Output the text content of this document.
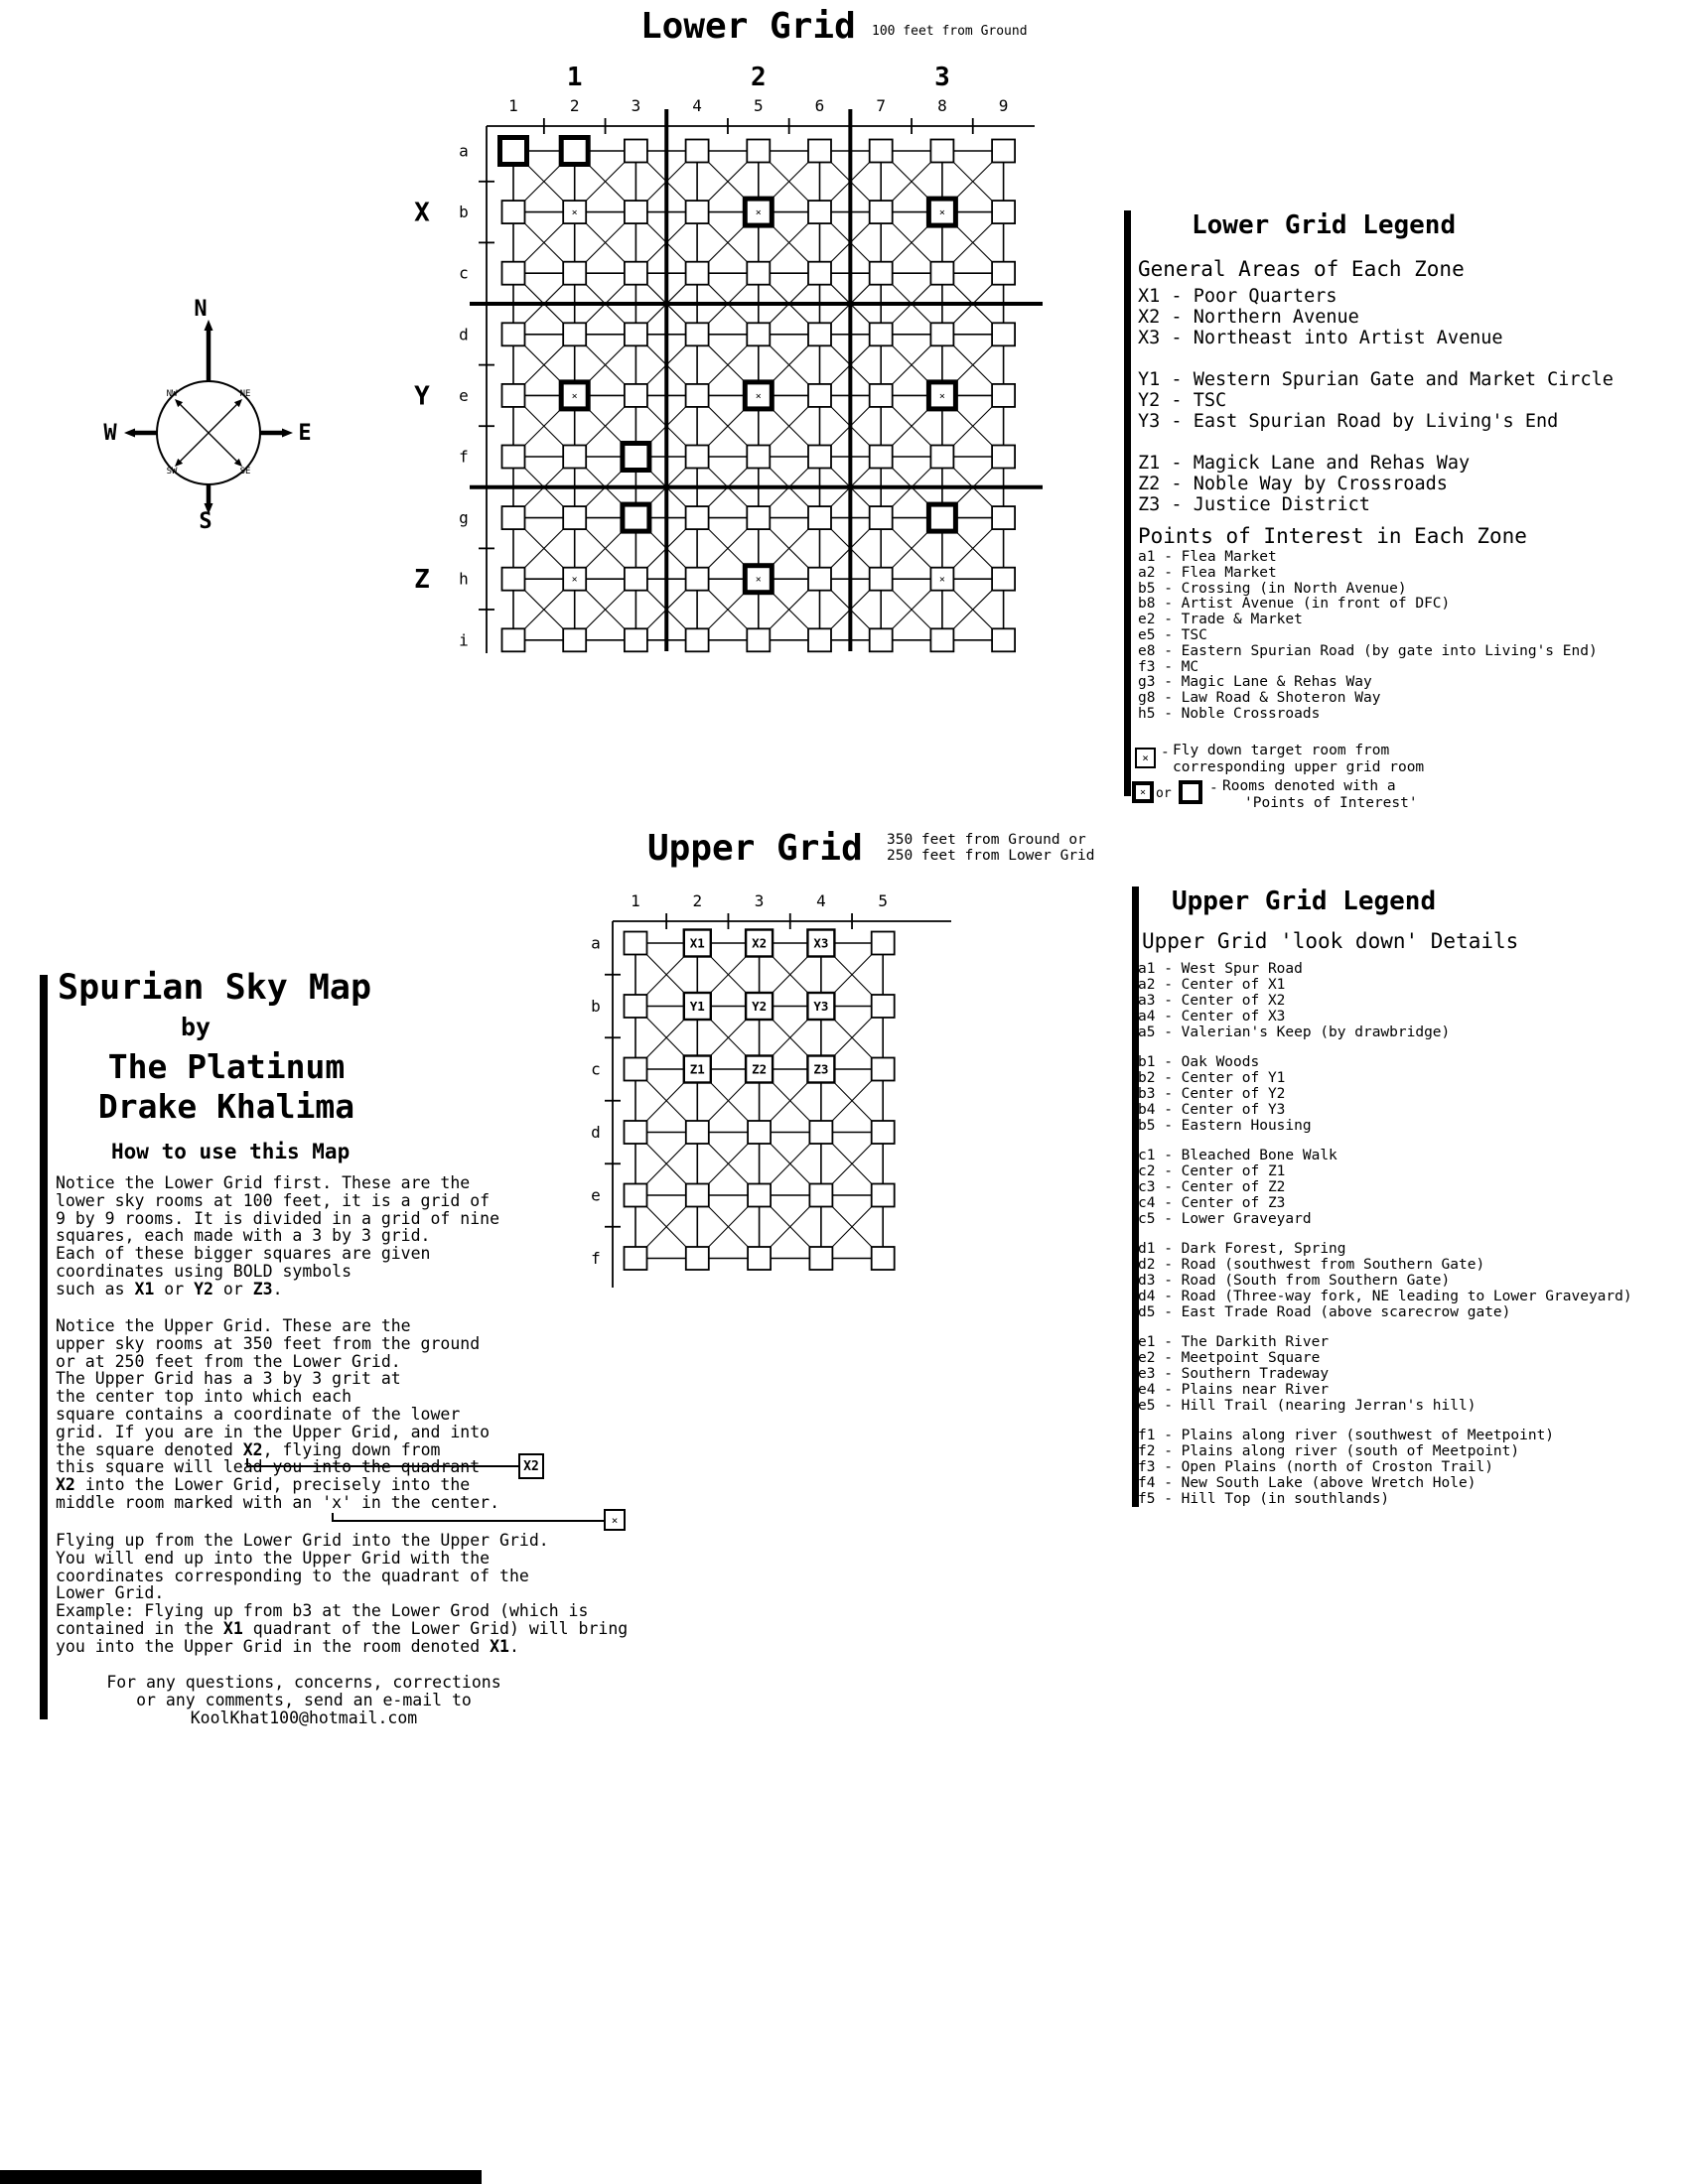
Lower Grid 100 feet from Ground
×	×	×
×	×	×
×	×	×
1	2	3	4	5	6	7	8	9
a
b
c
d
e
f
g
h
i
1	2	3
X
Y
Z
N
S
W	E
NW	NE
SW	SE
Lower Grid Legend
General Areas of Each Zone
X1 - Poor Quarters
X2 - Northern Avenue
X3 - Northeast into Artist Avenue
Y1 - Western Spurian Gate and Market Circle
Y2 - TSC
Y3 - East Spurian Road by Living's End
Z1 - Magick Lane and Rehas Way
Z2 - Noble Way by Crossroads
Z3 - Justice District
Points of Interest in Each Zone
a1 - Flea Market
a2 - Flea Market
b5 - Crossing (in North Avenue)
b8 - Artist Avenue (in front of DFC)
e2 - Trade & Market
e5 - TSC
e8 - Eastern Spurian Road (by gate into Living's End)
f3 - MC
g3 - Magic Lane & Rehas Way
g8 - Law Road & Shoteron Way
h5 - Noble Crossroads
× - Fly down target room from
corresponding upper grid room
× or	- Rooms denoted with a
'Points of Interest'
Upper Grid 350 feet from Ground or
250 feet from Lower Grid
X1	X2	X3
Y1	Y2	Y3
Z1	Z2	Z3
1	2	3	4	5
a
b
c
d
e
f
Upper Grid Legend
Upper Grid 'look down' Details
a1 - West Spur Road
a2 - Center of X1
a3 - Center of X2
a4 - Center of X3
a5 - Valerian's Keep (by drawbridge)
b1 - Oak Woods
b2 - Center of Y1
b3 - Center of Y2
b4 - Center of Y3
b5 - Eastern Housing
c1 - Bleached Bone Walk
c2 - Center of Z1
c3 - Center of Z2
c4 - Center of Z3
c5 - Lower Graveyard
d1 - Dark Forest, Spring
d2 - Road (southwest from Southern Gate)
d3 - Road (South from Southern Gate)
d4 - Road (Three-way fork, NE leading to Lower Graveyard)
d5 - East Trade Road (above scarecrow gate)
e1 - The Darkith River
e2 - Meetpoint Square
e3 - Southern Tradeway
e4 - Plains near River
e5 - Hill Trail (nearing Jerran's hill)
f1 - Plains along river (southwest of Meetpoint)
f2 - Plains along river (south of Meetpoint)
f3 - Open Plains (north of Croston Trail)
f4 - New South Lake (above Wretch Hole)
f5 - Hill Top (in southlands)
Spurian Sky Map
by
The Platinum
Drake Khalima
How to use this Map
Notice the Lower Grid first. These are the
lower sky rooms at 100 feet, it is a grid of
9 by 9 rooms. It is divided in a grid of nine
squares, each made with a 3 by 3 grid.
Each of these bigger squares are given
coordinates using BOLD symbols
such as X1 or Y2 or Z3.
Notice the Upper Grid. These are the
upper sky rooms at 350 feet from the ground
or at 250 feet from the Lower Grid.
The Upper Grid has a 3 by 3 grit at
the center top into which each
square contains a coordinate of the lower
grid. If you are in the Upper Grid, and into
the square denoted X2, flying down from
this square will lead you into the quadrant
X2 into the Lower Grid, precisely into the
middle room marked with an 'x' in the center.
Flying up from the Lower Grid into the Upper Grid.
You will end up into the Upper Grid with the
coordinates corresponding to the quadrant of the
Lower Grid.
Example: Flying up from b3 at the Lower Grod (which is
contained in the X1 quadrant of the Lower Grid) will bring
you into the Upper Grid in the room denoted X1.
For any questions, concerns, corrections
or any comments, send an e-mail to
KoolKhat100@hotmail.com
X2
×
